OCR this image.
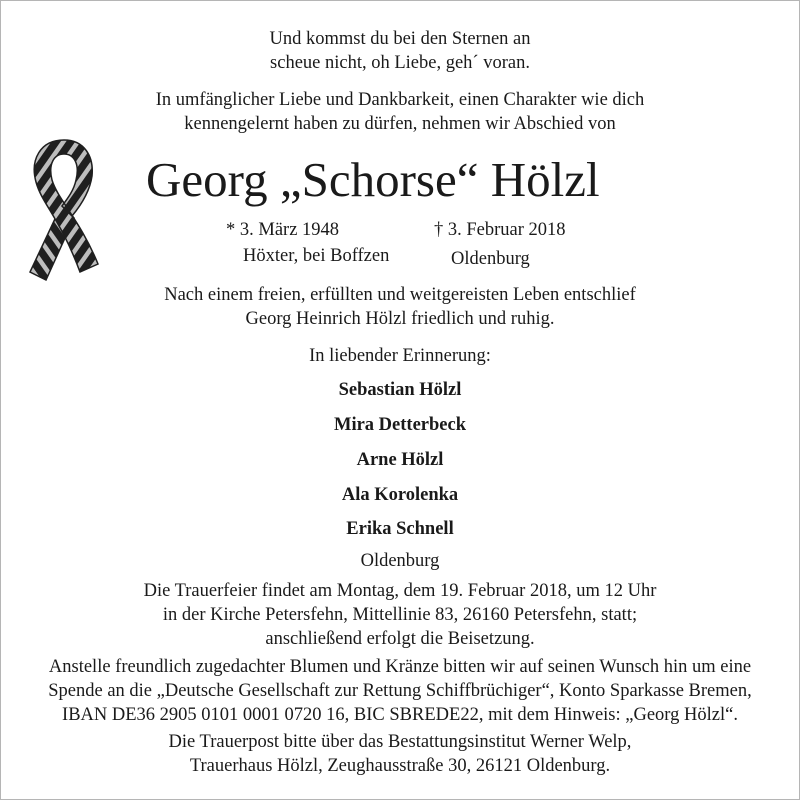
Und kommst du bei den Sternen an
scheue nicht, oh Liebe, geh´ voran.
In umfänglicher Liebe und Dankbarkeit, einen Charakter wie dich
kennengelernt haben zu dürfen, nehmen wir Abschied von
Georg „Schorse“ Hölzl
* 3. März 1948	† 3. Februar 2018
Höxter, bei Boffzen	Oldenburg
Nach einem freien, erfüllten und weitgereisten Leben entschlief
Georg Heinrich Hölzl friedlich und ruhig.
In liebender Erinnerung:
Sebastian Hölzl
Mira Detterbeck
Arne Hölzl
Ala Korolenka
Erika Schnell
Oldenburg
Die Trauerfeier findet am Montag, dem 19. Februar 2018, um 12 Uhr
in der Kirche Petersfehn, Mittellinie 83, 26160 Petersfehn, statt;
anschließend erfolgt die Beisetzung.
Anstelle freundlich zugedachter Blumen und Kränze bitten wir auf seinen Wunsch hin um eine
Spende an die „Deutsche Gesellschaft zur Rettung Schiffbrüchiger“, Konto Sparkasse Bremen,
IBAN DE36 2905 0101 0001 0720 16, BIC SBREDE22, mit dem Hinweis: „Georg Hölzl“.
Die Trauerpost bitte über das Bestattungsinstitut Werner Welp,
Trauerhaus Hölzl, Zeughausstraße 30, 26121 Oldenburg.
